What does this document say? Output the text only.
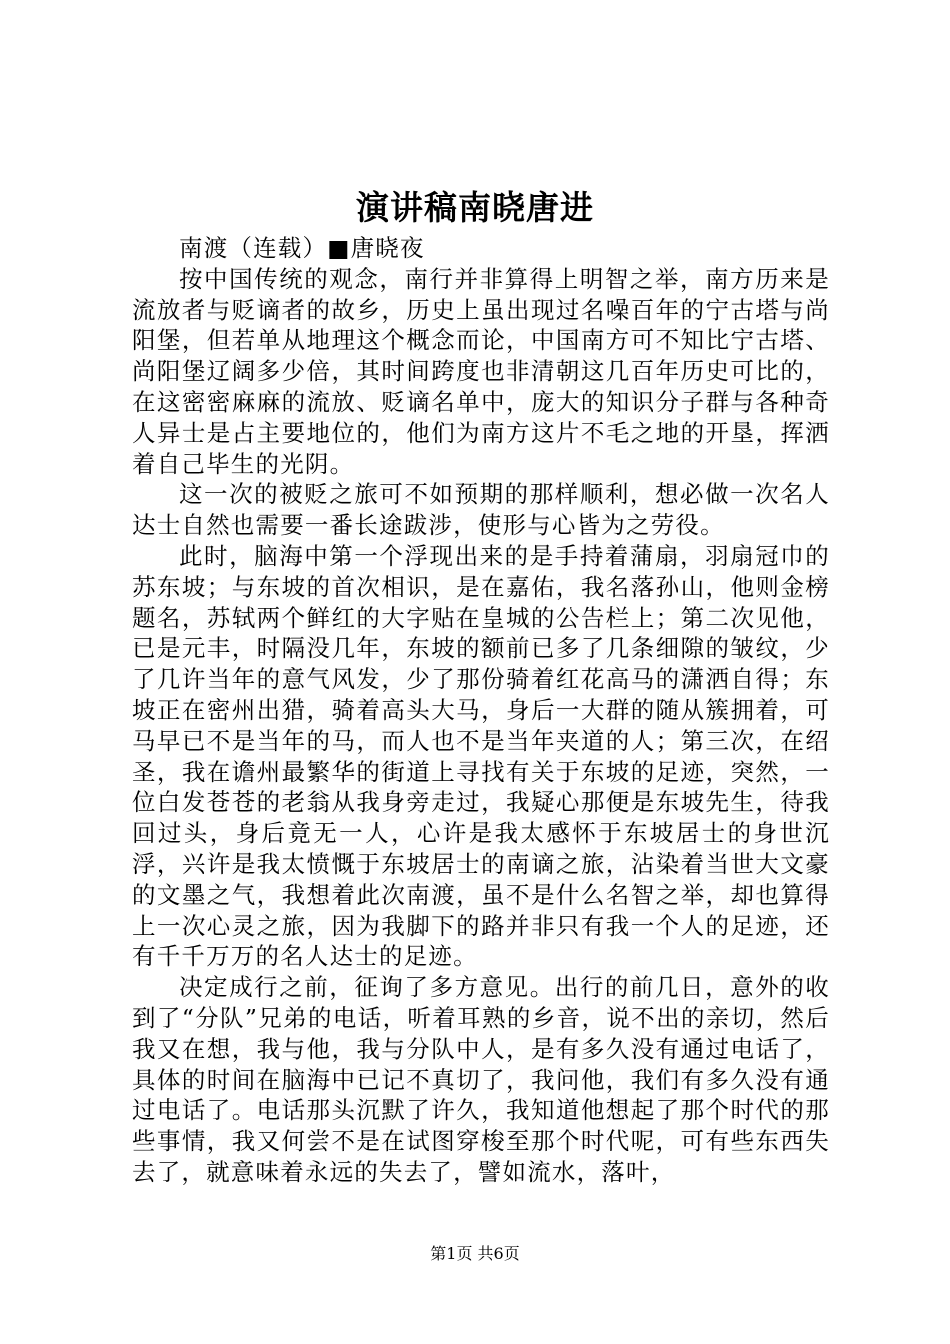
演讲稿南晓唐进

南渡（连载）■唐晓夜

按中国传统的观念，南行并非算得上明智之举，南方历来是流放者与贬谪者的故乡，历史上虽出现过名噪百年的宁古塔与尚阳堡，但若单从地理这个概念而论，中国南方可不知比宁古塔、尚阳堡辽阔多少倍，其时间跨度也非清朝这几百年历史可比的，在这密密麻麻的流放、贬谪名单中，庞大的知识分子群与各种奇人异士是占主要地位的，他们为南方这片不毛之地的开垦，挥洒着自己毕生的光阴。

这一次的被贬之旅可不如预期的那样顺利，想必做一次名人达士自然也需要一番长途跋涉，使形与心皆为之劳役。

此时，脑海中第一个浮现出来的是手持着蒲扇，羽扇冠巾的苏东坡；与东坡的首次相识，是在嘉佑，我名落孙山，他则金榜题名，苏轼两个鲜红的大字贴在皇城的公告栏上；第二次见他，已是元丰，时隔没几年，东坡的额前已多了几条细隙的皱纹，少了几许当年的意气风发，少了那份骑着红花高马的潇洒自得；东坡正在密州出猎，骑着高头大马，身后一大群的随从簇拥着，可马早已不是当年的马，而人也不是当年夹道的人；第三次，在绍圣，我在谵州最繁华的街道上寻找有关于东坡的足迹，突然，一位白发苍苍的老翁从我身旁走过，我疑心那便是东坡先生，待我回过头，身后竟无一人，心许是我太感怀于东坡居士的身世沉浮，兴许是我太愤慨于东坡居士的南谪之旅，沾染着当世大文豪的文墨之气，我想着此次南渡，虽不是什么名智之举，却也算得上一次心灵之旅，因为我脚下的路并非只有我一个人的足迹，还有千千万万的名人达士的足迹。

决定成行之前，征询了多方意见。出行的前几日，意外的收到了“分队”兄弟的电话，听着耳熟的乡音，说不出的亲切，然后我又在想，我与他，我与分队中人，是有多久没有通过电话了，具体的时间在脑海中已记不真切了，我问他，我们有多久没有通过电话了。电话那头沉默了许久，我知道他想起了那个时代的那些事情，我又何尝不是在试图穿梭至那个时代呢，可有些东西失去了，就意味着永远的失去了，譬如流水，落叶，

第1页 共6页
